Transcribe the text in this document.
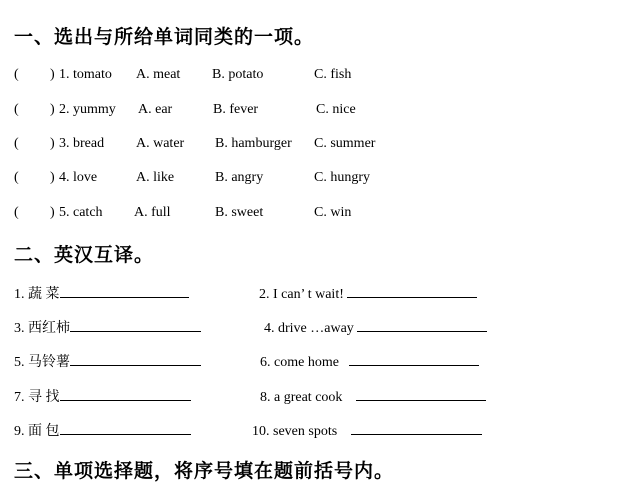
一、选出与所给单词同类的一项。
( ) 1. tomato A. meat B. potato	C. fish
( ) 2. yummy A. ear	B. fever	C. nice
( ) 3. bread A. water B. hamburger C. summer
( ) 4. love	A. like	B. angry	C. hungry
( ) 5. catch A. full	B. sweet	C. win
二、英汉互译。
1. 蔬 菜	2. I can’ t wait!
3. 西红柿	4. drive …away
5. 马铃薯	6. come home
7. 寻 找	8. a great cook
9. 面 包	10. seven spots
三、单项选择题，将序号填在题前括号内。
